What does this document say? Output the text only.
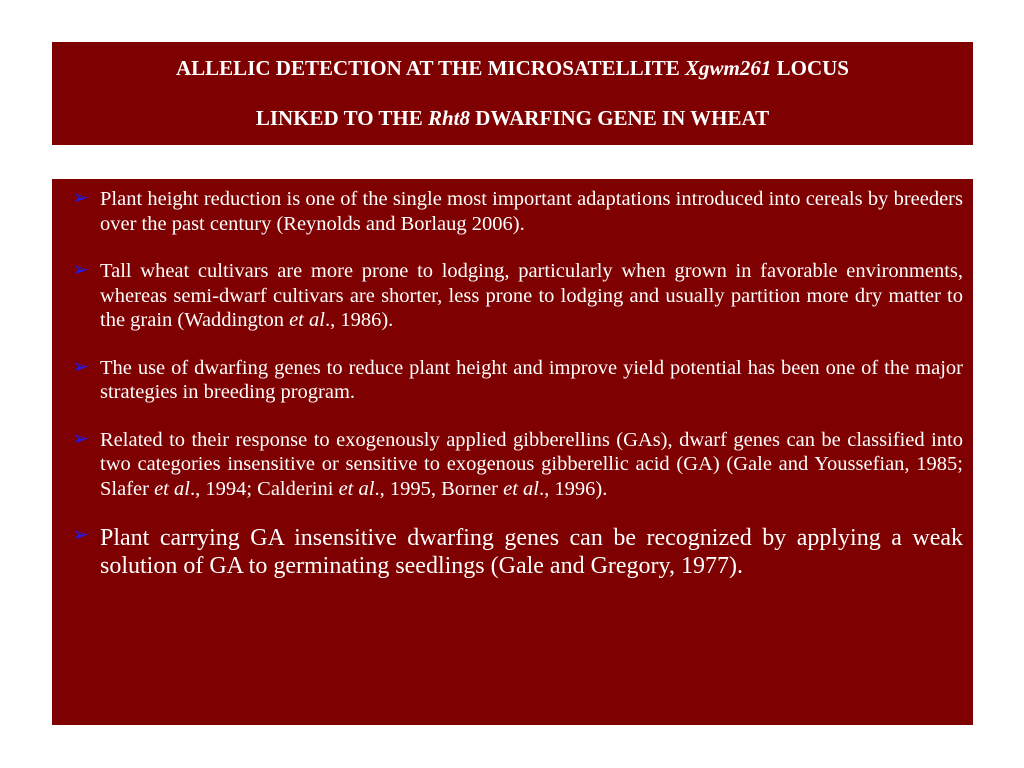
ALLELIC DETECTION AT THE MICROSATELLITE Xgwm261 LOCUS
LINKED TO THE Rht8 DWARFING GENE IN WHEAT
➢ Plant height reduction is one of the single most important adaptations introduced into cereals by breeders over the past century (Reynolds and Borlaug 2006).
➢ Tall wheat cultivars are more prone to lodging, particularly when grown in favorable environments, whereas semi-dwarf cultivars are shorter, less prone to lodging and usually partition more dry matter to the grain (Waddington et al., 1986).
➢ The use of dwarfing genes to reduce plant height and improve yield potential has been one of the major strategies in breeding program.
➢ Related to their response to exogenously applied gibberellins (GAs), dwarf genes can be classified into two categories insensitive or sensitive to exogenous gibberellic acid (GA) (Gale and Youssefian, 1985; Slafer et al., 1994; Calderini et al., 1995, Borner et al., 1996).
➢ Plant carrying GA insensitive dwarfing genes can be recognized by applying a weak solution of GA to germinating seedlings (Gale and Gregory, 1977).
